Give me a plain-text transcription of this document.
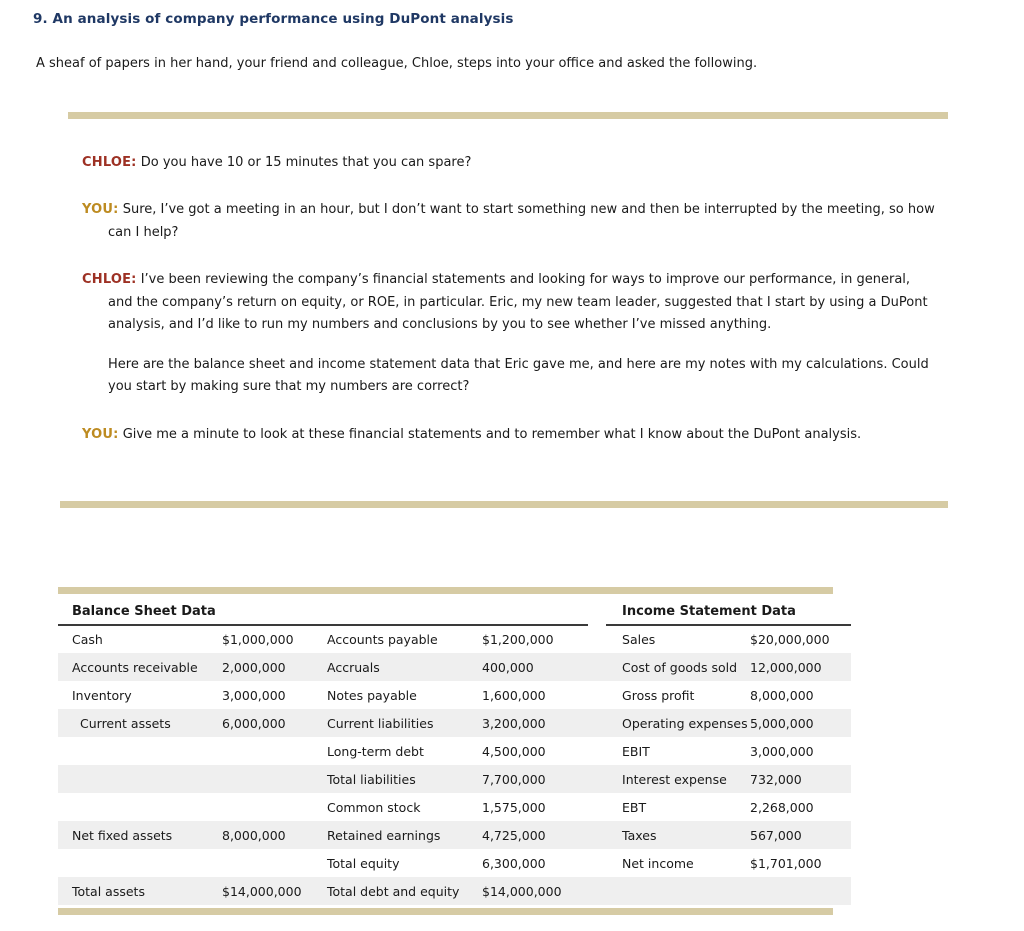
9. An analysis of company performance using DuPont analysis
A sheaf of papers in her hand, your friend and colleague, Chloe, steps into your office and asked the following.

CHLOE: Do you have 10 or 15 minutes that you can spare?

YOU: Sure, I’ve got a meeting in an hour, but I don’t want to start something new and then be interrupted by the meeting, so how can I help?

CHLOE: I’ve been reviewing the company’s financial statements and looking for ways to improve our performance, in general, and the company’s return on equity, or ROE, in particular. Eric, my new team leader, suggested that I start by using a DuPont analysis, and I’d like to run my numbers and conclusions by you to see whether I’ve missed anything.

Here are the balance sheet and income statement data that Eric gave me, and here are my notes with my calculations. Could you start by making sure that my numbers are correct?

YOU: Give me a minute to look at these financial statements and to remember what I know about the DuPont analysis.

Balance Sheet Data					Income Statement Data	
Cash	$1,000,000	Accounts payable	$1,200,000		Sales	$20,000,000
Accounts receivable	2,000,000	Accruals	400,000		Cost of goods sold	12,000,000
Inventory	3,000,000	Notes payable	1,600,000		Gross profit	8,000,000
Current assets	6,000,000	Current liabilities	3,200,000		Operating expenses	5,000,000
		Long-term debt	4,500,000		EBIT	3,000,000
		Total liabilities	7,700,000		Interest expense	732,000
		Common stock	1,575,000		EBT	2,268,000
Net fixed assets	8,000,000	Retained earnings	4,725,000		Taxes	567,000
		Total equity	6,300,000		Net income	$1,701,000
Total assets	$14,000,000	Total debt and equity	$14,000,000			
